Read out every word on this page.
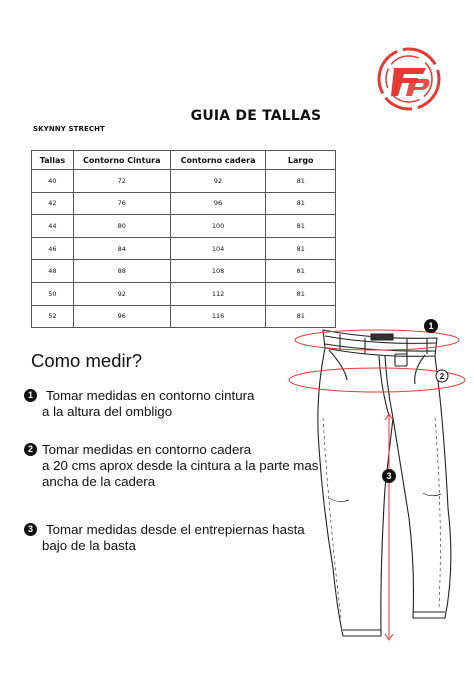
GUIA DE TALLAS
SKYNNY STRECHT
Tallas	Contorno Cintura	Contorno cadera	Largo
40	72	92	81
42	76	96	81
44	80	100	81
46	84	104	81
48	88	108	81
50	92	112	81
52	96	116	81
Como medir?
1 Tomar medidas en contorno cintura
a la altura del ombligo
2 Tomar medidas en contorno cadera
a 20 cms aprox desde la cintura a la parte mas
ancha de la cadera
3 Tomar medidas desde el entrepiernas hasta
bajo de la basta
1
2
3
